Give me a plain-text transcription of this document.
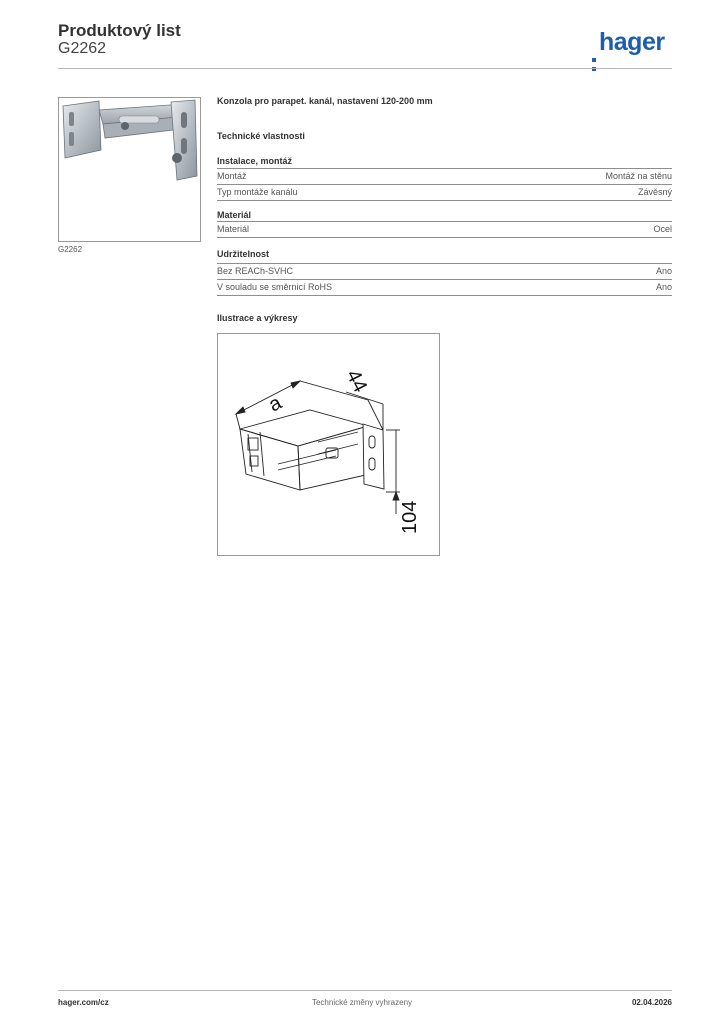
Produktový list
G2262	hager
G2262
Konzola pro parapet. kanál, nastavení 120-200 mm
Technické vlastnosti
Instalace, montáž
Montáž	Montáž na stěnu
Typ montáže kanálu	Závěsný
Materiál
Materiál	Ocel
Udržitelnost
Bez REACh-SVHC	Ano
V souladu se směrnicí RoHS	Ano
Ilustrace a výkresy
a
44
104
hager.com/cz	Technické změny vyhrazeny	02.04.2026
